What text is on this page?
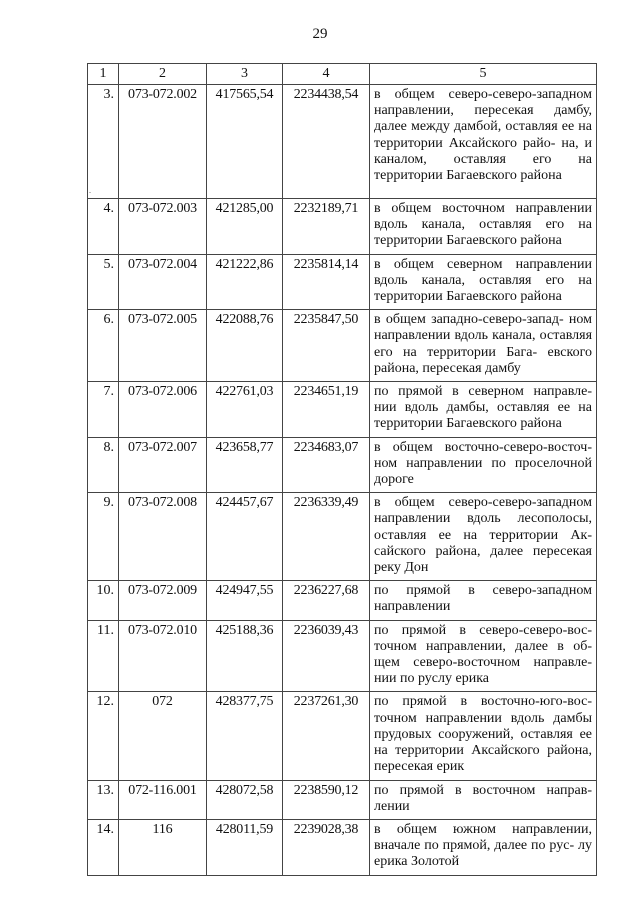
29
.
1	2	3	4	5
3.	073-072.002	417565,54	2234438,54	в общем северо-северо-западном направлении, пересекая дамбу, далее между дамбой, оставляя ее на территории Аксайского райо- на, и каналом, оставляя его на территории Багаевского района
4.	073-072.003	421285,00	2232189,71	в общем восточном направлении вдоль канала, оставляя его на территории Багаевского района
5.	073-072.004	421222,86	2235814,14	в общем северном направлении вдоль канала, оставляя его на территории Багаевского района
6.	073-072.005	422088,76	2235847,50	в общем западно-северо-запад- ном направлении вдоль канала, оставляя его на территории Бага- евского района, пересекая дамбу
7.	073-072.006	422761,03	2234651,19	по прямой в северном направле- нии вдоль дамбы, оставляя ее на территории Багаевского района
8.	073-072.007	423658,77	2234683,07	в общем восточно-северо-восточ- ном направлении по проселочной дороге
9.	073-072.008	424457,67	2236339,49	в общем северо-северо-западном направлении вдоль лесополосы, оставляя ее на территории Ак- сайского района, далее пересекая реку Дон
10.	073-072.009	424947,55	2236227,68	по прямой в северо-западном направлении
11.	073-072.010	425188,36	2236039,43	по прямой в северо-северо-вос- точном направлении, далее в об- щем северо-восточном направле- нии по руслу ерика
12.	072	428377,75	2237261,30	по прямой в восточно-юго-вос- точном направлении вдоль дамбы прудовых сооружений, оставляя ее на территории Аксайского района, пересекая ерик
13.	072-116.001	428072,58	2238590,12	по прямой в восточном направ- лении
14.	116	428011,59	2239028,38	в общем южном направлении, вначале по прямой, далее по рус- лу ерика Золотой
